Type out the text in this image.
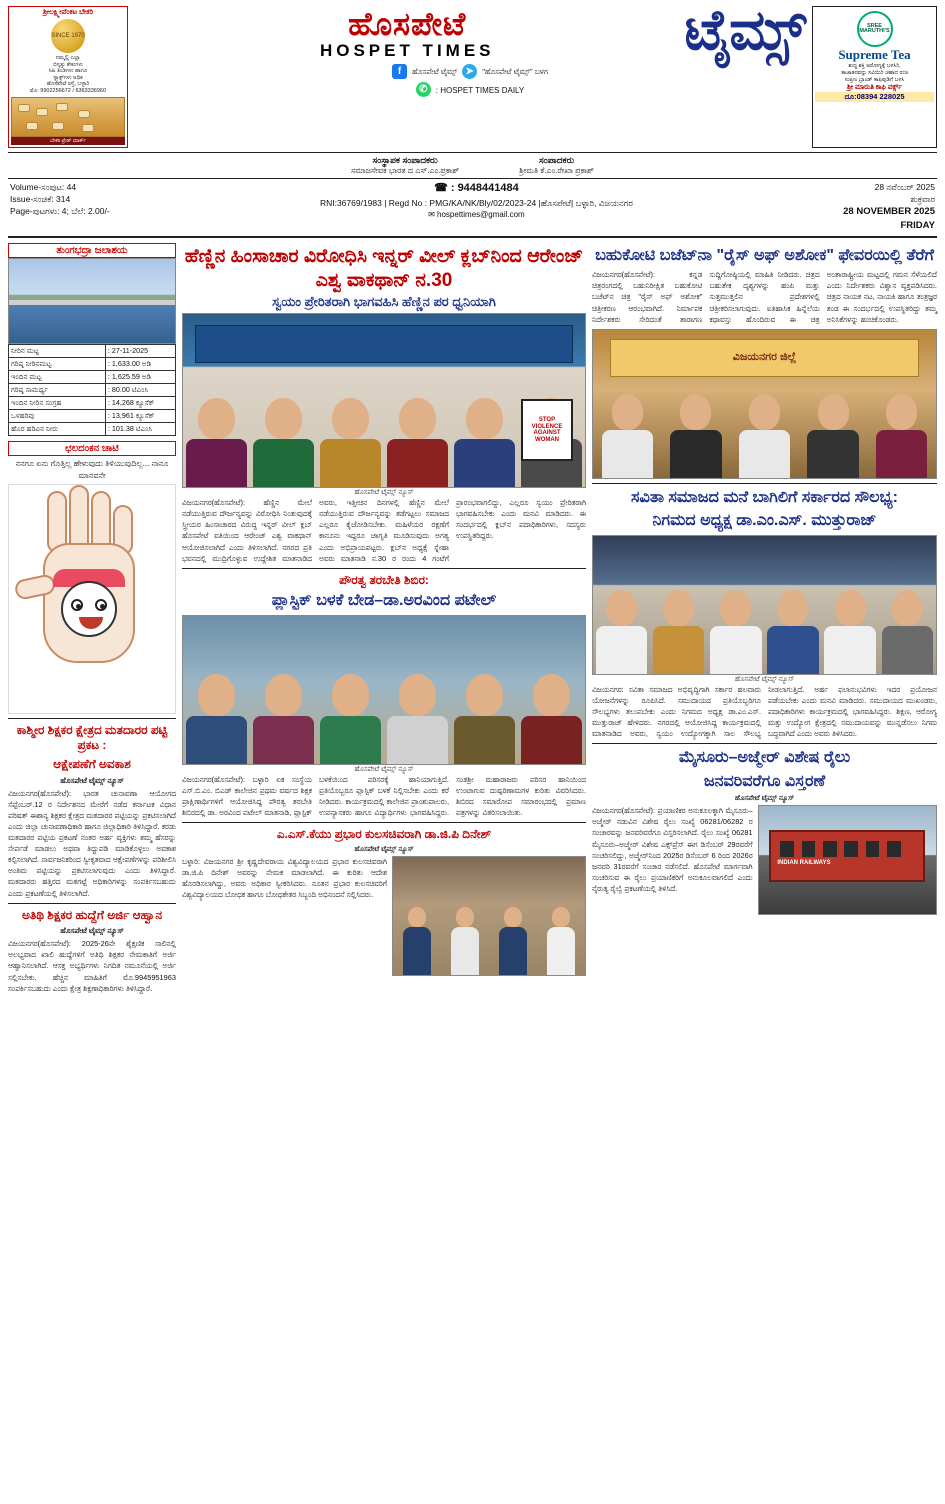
ಶ್ರೀಲಕ್ಷ್ಮೀವೆಂಕಟ ಬೇಕರಿ
SINCE 1970
ನಮ್ಮಲ್ಲಿ ಎಲ್ಲಾ
ಬಿಸ್ಕತ್ತು ಕೇಕುಗಳು
ಸಿಹಿ ತಿಂಡಿಗಳು ಹಾಗೂ
ಸ್ನ್ಯಾಕ್ಸ್‌ಗಳು ಅಧಿಕ
ಹೊಸಪೇಟೆ ರಸ್ತೆ, ಬಳ್ಳಾರಿ
ಮೊ: 9902256672 / 6363336960
ಬೇಕರಿ ಟ್ರೇಡ್ ಮಾರ್ಕ್
ಹೊಸಪೇಟೆ
HOSPET TIMES	ಟೈಮ್ಸ್
f	ಹೊಸಪೇಟೆ ಟೈಮ್ಸ್ ➤	"ಹೊಸಪೇಟೆ ಟೈಮ್ಸ್" ಬಳಗ
✆	: HOSPET TIMES DAILY
SREE MARUTHI'S
Supreme Tea
ಶುದ್ಧ ಶಕ್ತಿ ಆರೋಗ್ಯಕ್ಕೆ ಬಳಸಿರಿ,
ತಾಜಾತನವನ್ನು ಸವಿಯಿರಿ ಚಹಾದ ರುಚಿ
ಸುಪ್ರೀಂ ಬ್ರಾಂಡ್ ಕಾಫಿಪುಡಿಗೆ ಬಳಸಿ
ಶ್ರೀ ಮಾರುತಿ ಕಾಫಿ ವರ್ಕ್ಸ್
ದೂ:08394 228025
ಸಂಸ್ಥಾಪಕ ಸಂಪಾದಕರು
ಸಮಾಜಸೇವಕ ಭಾರತ ದ ಎಸ್.ಎಂ.ಪ್ರಕಾಶ್
ಸಂಪಾದಕರು
ಶ್ರೀಮತಿ ಕೆ.ಎಂ.ರೇಖಾ ಪ್ರಕಾಶ್
Volume-ಸಂಪುಟ: 44
Issue-ಸಂಚಿಕೆ: 314
Page-ಪುಟಗಳು: 4; ಬೆಲೆ: 2.00/-
☎ : 9448441484
RNI:36769/1983 | Regd No : PMG/KA/NK/Bly/02/2023-24 |ಹೊಸಪೇಟೆ| ಬಳ್ಳಾರಿ, ವಿಜಯನಗರ
✉ hospettimes@gmail.com
28 ನವೆಂಬರ್ 2025
ಶುಕ್ರವಾರ
28 NOVEMBER 2025
FRIDAY
ತುಂಗಭದ್ರಾ ಜಲಾಶಯ
ನೀರಿನ ಮಟ್ಟ	: 27-11-2025
ಗರಿಷ್ಠ ನೀರಿನಮಟ್ಟ	: 1,633.00 ಅಡಿ
ಇಂದಿನ ಮಟ್ಟ	: 1,625.59 ಅಡಿ
ಗರಿಷ್ಠ ಸಾಮರ್ಥ್ಯ	: 80.00 ಟಿಎಂಸಿ
ಇಂದಿನ ನೀರಿನ ಸಂಗ್ರಹ	: 14,268 ಕ್ಯೂಸೆಕ್
ಒಳಹರಿವು	: 13,961 ಕ್ಯೂಸೆಕ್
ಹೊರ ಹರಿವಿನ ನೀರು	: 101.38 ಟಿಎಂಸಿ
ಛಲದಂಕನ ಚಾಟಿ
ನನಗೂ ಏನು ಗೊತ್ತಿಲ್ಲ ಹೇಳುವುದು ತಿಳಿಯುವುದಿಲ್ಲ... ನಾನೂ ಮಾನವನೇ
ಕಾಶ್ಮೀರ ಶಿಕ್ಷಕರ ಕ್ಷೇತ್ರದ ಮತದಾರರ ಪಟ್ಟಿ ಪ್ರಕಟ :
ಆಕ್ಷೇಪಣೆಗೆ ಅವಕಾಶ
ಹೊಸಪೇಟೆ ಟೈಮ್ಸ್ ನ್ಯೂಸ್
ವಿಜಯನಗರ(ಹೊಸಪೇಟೆ): ಭಾರತ ಚುನಾವಣಾ ಆಯೋಗದ ಸೆಪ್ಟೆಂಬರ್.12 ರ ನಿರ್ದೇಶನದ ಮೇರೆಗೆ ನಡೆದ ಕರ್ನಾಟಕ ವಿಧಾನ ಪರಿಷತ್ ಈಶಾನ್ಯ ಶಿಕ್ಷಕರ ಕ್ಷೇತ್ರದ ಮತದಾರರ ಪಟ್ಟಿಯನ್ನು ಪ್ರಕಟಿಸಲಾಗಿದೆ ಎಂದು ಜಿಲ್ಲಾ ಚುನಾವಣಾಧಿಕಾರಿ ಹಾಗೂ ಜಿಲ್ಲಾಧಿಕಾರಿ ತಿಳಿಸಿದ್ದಾರೆ. ಕರಡು ಮತದಾರರ ಪಟ್ಟಿಯ ಪ್ರಕಟಣೆ ನಂತರ ಅರ್ಹ ವ್ಯಕ್ತಿಗಳು ತಮ್ಮ ಹೆಸರನ್ನು ಸೇರ್ಪಡೆ ಮಾಡಲು ಅಥವಾ ತಿದ್ದುಪಡಿ ಮಾಡಿಕೊಳ್ಳಲು ಅವಕಾಶ ಕಲ್ಪಿಸಲಾಗಿದೆ. ಸಾರ್ವಜನಿಕರಿಂದ ಸ್ವೀಕೃತವಾದ ಆಕ್ಷೇಪಣೆಗಳನ್ನು ಪರಿಶೀಲಿಸಿ ಅಂತಿಮ ಪಟ್ಟಿಯನ್ನು ಪ್ರಕಟಿಸಲಾಗುವುದು ಎಂದು ತಿಳಿಸಿದ್ದಾರೆ. ಮತದಾರರು ಹತ್ತಿರದ ಮತಗಟ್ಟೆ ಅಧಿಕಾರಿಗಳನ್ನು ಸಂಪರ್ಕಿಸಬಹುದು ಎಂದು ಪ್ರಕಟಣೆಯಲ್ಲಿ ತಿಳಿಸಲಾಗಿದೆ.
ಅತಿಥಿ ಶಿಕ್ಷಕರ ಹುದ್ದೆಗೆ ಅರ್ಜಿ ಆಹ್ವಾನ
ಹೊಸಪೇಟೆ ಟೈಮ್ಸ್ ನ್ಯೂಸ್
ವಿಜಯನಗರ(ಹೊಸಪೇಟೆ): 2025-26ನೇ ಶೈಕ್ಷಣಿಕ ಸಾಲಿನಲ್ಲಿ ಅಲಭ್ಯವಾದ ಖಾಲಿ ಹುದ್ದೆಗಳಿಗೆ ಅತಿಥಿ ಶಿಕ್ಷಕರ ನೇಮಕಾತಿಗೆ ಅರ್ಜಿ ಆಹ್ವಾನಿಸಲಾಗಿದೆ. ಆಸಕ್ತ ಅಭ್ಯರ್ಥಿಗಳು ನಿಗದಿತ ನಮೂನೆಯಲ್ಲಿ ಅರ್ಜಿ ಸಲ್ಲಿಸಬೇಕು. ಹೆಚ್ಚಿನ ಮಾಹಿತಿಗೆ ಮೊ.9945951963 ಸಂಪರ್ಕಿಸಬಹುದು ಎಂದು ಕ್ಷೇತ್ರ ಶಿಕ್ಷಣಾಧಿಕಾರಿಗಳು ತಿಳಿಸಿದ್ದಾರೆ.
ಹೆಣ್ಣಿನ ಹಿಂಸಾಚಾರ ವಿರೋಧಿಸಿ ಇನ್ನರ್ ವೀಲ್ ಕ್ಲಬ್‌ನಿಂದ ಆರೇಂಜ್ ಎಶ್ವ ವಾಕಥಾನ್ ನ.30
ಸ್ವಯಂ ಪ್ರೇರಿತರಾಗಿ ಭಾಗವಹಿಸಿ ಹೆಣ್ಣಿನ ಪರ ಧ್ವನಿಯಾಗಿ
STOP VIOLENCE AGAINST WOMAN
ಹೊಸಪೇಟೆ ಟೈಮ್ಸ್ ನ್ಯೂಸ್
ವಿಜಯನಗರ(ಹೊಸಪೇಟೆ): ಹೆಣ್ಣಿನ ಮೇಲೆ ನಡೆಯುತ್ತಿರುವ ದೌರ್ಜನ್ಯವನ್ನು ವಿರೋಧಿಸಿ ನಿಂತುವುದಕ್ಕೆ ಸ್ತ್ರೀಯರ ಹಿಂಸಾಚಾರದ ವಿರುದ್ಧ ಇನ್ನರ್ ವೀಲ್ ಕ್ಲಬ್ ಹೊಸಪೇಟೆ ವತಿಯಿಂದ ಆರೇಂಜ್ ಎಶ್ವ ವಾಕಥಾನ್ ಆಯೋಜಿಸಲಾಗಿದೆ ಎಂದು ತಿಳಿಸಲಾಗಿದೆ. ನಗರದ ಪ್ರತಿ ಭವನದಲ್ಲಿ ಮುದ್ರಿಗೊಳ್ಳುವ ಉದ್ದೇಶಿತ ಮಾತನಾಡಿದ ಅವರು, ಇತ್ತೀಚಿನ ದಿನಗಳಲ್ಲಿ ಹೆಣ್ಣಿನ ಮೇಲೆ ನಡೆಯುತ್ತಿರುವ ದೌರ್ಜನ್ಯವನ್ನು ತಡೆಗಟ್ಟಲು ಸಮಾಜದ ಎಲ್ಲರೂ ಕೈಜೋಡಿಸಬೇಕು. ಮಹಿಳೆಯರ ರಕ್ಷಣೆಗೆ ಕಾನೂನು ಇದ್ದರೂ ಜಾಗೃತಿ ಮೂಡಿಸುವುದು ಅಗತ್ಯ ಎಂದು ಅಭಿಪ್ರಾಯಪಟ್ಟರು. ಕ್ಲಬ್‌ನ ಅಧ್ಯಕ್ಷೆ ಸ್ನೇಹಾ ಅವರು ಮಾತನಾಡಿ ನ.30 ರ ರಂದು 4 ಗಂಟೆಗೆ ಪ್ರಾರಂಭವಾಗಲಿದ್ದು, ಎಲ್ಲರೂ ಸ್ವಯಂ ಪ್ರೇರಿತರಾಗಿ ಭಾಗವಹಿಸಬೇಕು ಎಂದು ಮನವಿ ಮಾಡಿದರು. ಈ ಸಂದರ್ಭದಲ್ಲಿ ಕ್ಲಬ್‌ನ ಪದಾಧಿಕಾರಿಗಳು, ಸದಸ್ಯರು ಉಪಸ್ಥಿತರಿದ್ದರು.
ಪೌರತ್ವ ತರಬೇತಿ ಶಿಬಿರ:
ಪ್ಲಾಸ್ಟಿಕ್ ಬಳಕೆ ಬೇಡ–ಡಾ.ಅರವಿಂದ ಪಟೇಲ್
ಹೊಸಪೇಟೆ ಟೈಮ್ಸ್ ನ್ಯೂಸ್
ವಿಜಯನಗರ(ಹೊಸಪೇಟೆ): ಬಳ್ಳಾರಿ ಏಕ ಸಂಸ್ಥೆಯ ಎಸ್.ಬಿ.ಎಂ. ಬಿಎಡ್ ಕಾಲೇಜಿನ ಪ್ರಥಮ ವರ್ಷದ ಶಿಕ್ಷಕ ಪ್ರಾಕ್ಷಿಣಾರ್ಥಿಗಳಿಗೆ ಆಯೋಜಿಸಿದ್ದ ಪೌರತ್ವ ತರಬೇತಿ ಶಿಬಿರದಲ್ಲಿ ಡಾ. ಅರವಿಂದ ಪಟೇಲ್ ಮಾತನಾಡಿ, ಪ್ಲಾಸ್ಟಿಕ್ ಬಳಕೆಯಿಂದ ಪರಿಸರಕ್ಕೆ ಹಾನಿಯಾಗುತ್ತಿದೆ. ಪ್ರತಿಯೊಬ್ಬರೂ ಪ್ಲಾಸ್ಟಿಕ್ ಬಳಕೆ ನಿಲ್ಲಿಸಬೇಕು ಎಂದು ಕರೆ ನೀಡಿದರು. ಕಾರ್ಯಕ್ರಮದಲ್ಲಿ ಕಾಲೇಜಿನ ಪ್ರಾಂಶುಪಾಲರು, ಉಪನ್ಯಾಸಕರು ಹಾಗೂ ವಿದ್ಯಾರ್ಥಿಗಳು ಭಾಗವಹಿಸಿದ್ದರು. ಸಂತಶ್ರೀ ಮಹಾರಾಜರು ಪರಿಸರ ಹಾನಿಯಿಂದ ಉಂಟಾಗುವ ದುಷ್ಪರಿಣಾಮಗಳ ಕುರಿತು ವಿವರಿಸಿದರು. ಶಿಬಿರದ ಸಮಾರೋಪ ಸಮಾರಂಭದಲ್ಲಿ ಪ್ರಮಾಣ ಪತ್ರಗಳನ್ನು ವಿತರಿಸಲಾಯಿತು.
ಎ.ಎಸ್.ಕೆಯು ಪ್ರಭಾರ ಕುಲಸಚಿವರಾಗಿ ಡಾ.ಜಿ.ಪಿ ದಿನೇಶ್
ಹೊಸಪೇಟೆ ಟೈಮ್ಸ್ ನ್ಯೂಸ್
ಬಳ್ಳಾರಿ: ವಿಜಯನಗರ ಶ್ರೀ ಕೃಷ್ಣದೇವರಾಯ ವಿಶ್ವವಿದ್ಯಾಲಯದ ಪ್ರಭಾರ ಕುಲಸಚಿವರಾಗಿ ಡಾ.ಜಿ.ಪಿ ದಿನೇಶ್ ಅವರನ್ನು ನೇಮಕ ಮಾಡಲಾಗಿದೆ. ಈ ಕುರಿತು ಆದೇಶ ಹೊರಡಿಸಲಾಗಿದ್ದು, ಅವರು ಅಧಿಕಾರ ಸ್ವೀಕರಿಸಿದರು. ನೂತನ ಪ್ರಭಾರ ಕುಲಸಚಿವರಿಗೆ ವಿಶ್ವವಿದ್ಯಾಲಯದ ಬೋಧಕ ಹಾಗೂ ಬೋಧಕೇತರ ಸಿಬ್ಬಂದಿ ಅಭಿನಂದನೆ ಸಲ್ಲಿಸಿದರು.
ಬಹುಕೋಟಿ ಬಜೆಟ್‌ನಾ "ರೈಸ್ ಅಫ್ ಅಶೋಕ" ಫೇವರಯಿಲ್ಲಿ ತೆರೆಗೆ
ವಿಜಯನಗರ(ಹೊಸಪೇಟೆ): ಕನ್ನಡ ಚಿತ್ರರಂಗದಲ್ಲಿ ಬಹುನಿರೀಕ್ಷಿತ ಬಹುಕೋಟಿ ಬಜೆಟ್‌ನ ಚಿತ್ರ "ರೈಸ್ ಅಫ್ ಅಶೋಕ" ಚಿತ್ರೀಕರಣ ಆರಂಭವಾಗಿದೆ. ನಿರ್ಮಾಪಕ ನಿರ್ದೇಶಕರು ಸೇರಿದಂತೆ ತಾರಾಗಣ ಸುದ್ದಿಗೋಷ್ಠಿಯಲ್ಲಿ ಮಾಹಿತಿ ನೀಡಿದರು. ಚಿತ್ರದ ಬಹುತೇಕ ದೃಶ್ಯಗಳನ್ನು ಹಂಪಿ ಮತ್ತು ಸುತ್ತಮುತ್ತಲಿನ ಪ್ರದೇಶಗಳಲ್ಲಿ ಚಿತ್ರೀಕರಿಸಲಾಗುವುದು. ಐತಿಹಾಸಿಕ ಹಿನ್ನೆಲೆಯ ಕಥಾವಸ್ತು ಹೊಂದಿರುವ ಈ ಚಿತ್ರ ಅಂತಾರಾಷ್ಟ್ರೀಯ ಮಟ್ಟದಲ್ಲಿ ಗಮನ ಸೆಳೆಯಲಿದೆ ಎಂದು ನಿರ್ದೇಶಕರು ವಿಶ್ವಾಸ ವ್ಯಕ್ತಪಡಿಸಿದರು. ಚಿತ್ರದ ನಾಯಕ ನಟ, ನಾಯಕಿ ಹಾಗೂ ತಂತ್ರಜ್ಞರ ತಂಡ ಈ ಸಂದರ್ಭದಲ್ಲಿ ಉಪಸ್ಥಿತರಿದ್ದು ತಮ್ಮ ಅನಿಸಿಕೆಗಳನ್ನು ಹಂಚಿಕೊಂಡರು.
ವಿಜಯನಗರ ಜಿಲ್ಲೆ
ಸವಿತಾ ಸಮಾಜದ ಮನೆ ಬಾಗಿಲಿಗೆ ಸರ್ಕಾರದ ಸೌಲಭ್ಯ:
ನಿಗಮದ ಅಧ್ಯಕ್ಷ ಡಾ.ಎಂ.ಎಸ್. ಮುತ್ತುರಾಜ್
ಹೊಸಪೇಟೆ ಟೈಮ್ಸ್ ನ್ಯೂಸ್
ವಿಜಯನಗರ: ಸವಿತಾ ಸಮಾಜದ ಅಭಿವೃದ್ಧಿಗಾಗಿ ಸರ್ಕಾರ ಹಲವಾರು ಯೋಜನೆಗಳನ್ನು ರೂಪಿಸಿದೆ. ಸಮುದಾಯದ ಪ್ರತಿಯೊಬ್ಬರಿಗೂ ಸೌಲಭ್ಯಗಳು ತಲುಪಬೇಕು ಎಂದು ನಿಗಮದ ಅಧ್ಯಕ್ಷ ಡಾ.ಎಂ.ಎಸ್. ಮುತ್ತುರಾಜ್ ಹೇಳಿದರು. ನಗರದಲ್ಲಿ ಆಯೋಜಿಸಿದ್ದ ಕಾರ್ಯಕ್ರಮದಲ್ಲಿ ಮಾತನಾಡಿದ ಅವರು, ಸ್ವಯಂ ಉದ್ಯೋಗಕ್ಕಾಗಿ ಸಾಲ ಸೌಲಭ್ಯ ನೀಡಲಾಗುತ್ತಿದೆ. ಅರ್ಹ ಫಲಾನುಭವಿಗಳು ಇದರ ಪ್ರಯೋಜನ ಪಡೆಯಬೇಕು ಎಂದು ಮನವಿ ಮಾಡಿದರು. ಸಮುದಾಯದ ಮುಖಂಡರು, ಪದಾಧಿಕಾರಿಗಳು ಕಾರ್ಯಕ್ರಮದಲ್ಲಿ ಭಾಗವಹಿಸಿದ್ದರು. ಶಿಕ್ಷಣ, ಆರೋಗ್ಯ ಮತ್ತು ಉದ್ಯೋಗ ಕ್ಷೇತ್ರದಲ್ಲಿ ಸಮುದಾಯವನ್ನು ಮುನ್ನಡೆಸಲು ನಿಗಮ ಬದ್ಧವಾಗಿದೆ ಎಂದು ಅವರು ತಿಳಿಸಿದರು.
ಮೈಸೂರು–ಅಜ್ಮೇರ್ ವಿಶೇಷ ರೈಲು
ಜನವರಿವರೆಗೂ ವಿಸ್ತರಣೆ
ಹೊಸಪೇಟೆ ಟೈಮ್ಸ್ ನ್ಯೂಸ್
ವಿಜಯನಗರ(ಹೊಸಪೇಟೆ): ಪ್ರಯಾಣಿಕರ ಅನುಕೂಲಕ್ಕಾಗಿ ಮೈಸೂರು–ಅಜ್ಮೇರ್ ನಡುವಿನ ವಿಶೇಷ ರೈಲು ಸಂಖ್ಯೆ 06281/06282 ರ ಸಂಚಾರವನ್ನು ಜನವರಿವರೆಗೂ ವಿಸ್ತರಿಸಲಾಗಿದೆ. ರೈಲು ಸಂಖ್ಯೆ 06281 ಮೈಸೂರು–ಅಜ್ಮೇರ್ ವಿಶೇಷ ಎಕ್ಸ್‌ಪ್ರೆಸ್ ಈಗ ಡಿಸೆಂಬರ್ 29ರವರೆಗೆ ಸಂಚರಿಸಲಿದ್ದು, ಅಜ್ಮೇರ್‌ನಿಂದ 2025ರ ಡಿಸೆಂಬರ್ 6 ರಿಂದ 2026ರ ಜನವರಿ 31ರವರೆಗೆ ಸಂಚಾರ ನಡೆಸಲಿದೆ. ಹೊಸಪೇಟೆ ಮಾರ್ಗವಾಗಿ ಸಂಚರಿಸುವ ಈ ರೈಲು ಪ್ರಯಾಣಿಕರಿಗೆ ಅನುಕೂಲವಾಗಲಿದೆ ಎಂದು ನೈರುತ್ಯ ರೈಲ್ವೆ ಪ್ರಕಟಣೆಯಲ್ಲಿ ತಿಳಿಸಿದೆ.
INDIAN RAILWAYS
